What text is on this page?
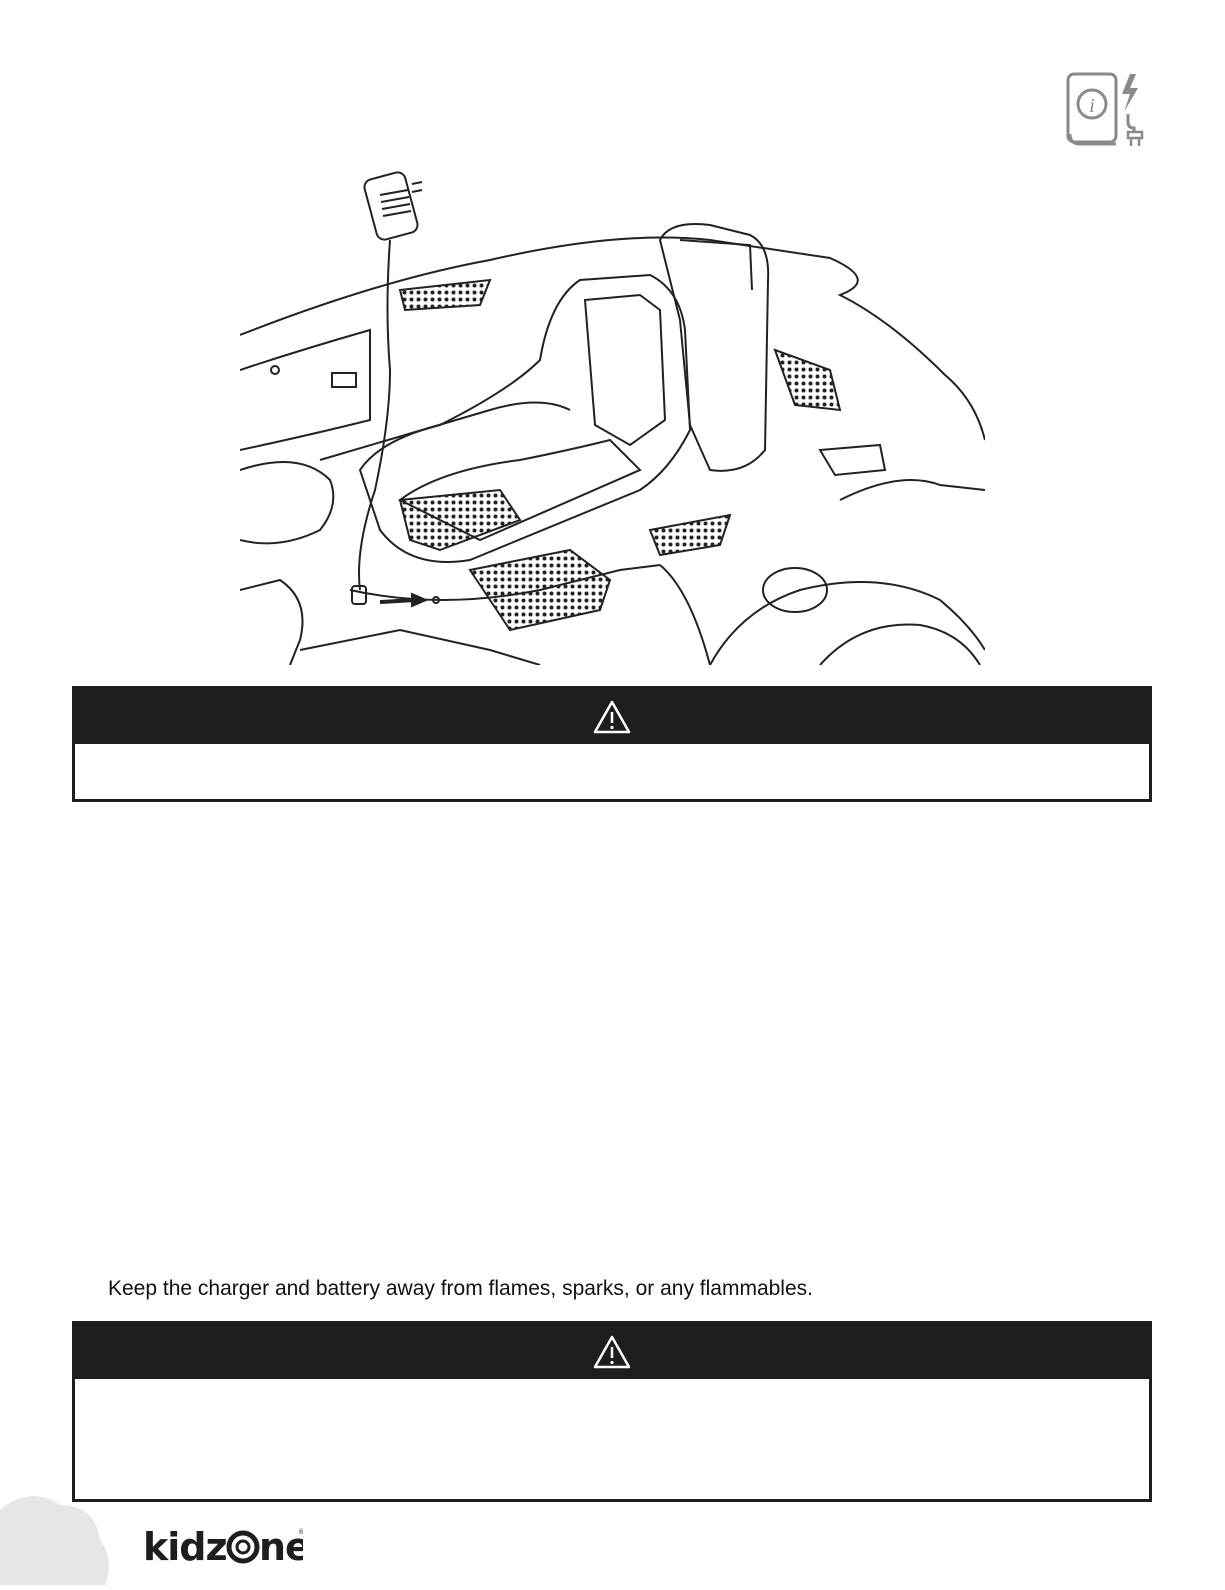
i
Keep the charger and battery away from flames, sparks, or any flammables.
kidz ne
®
